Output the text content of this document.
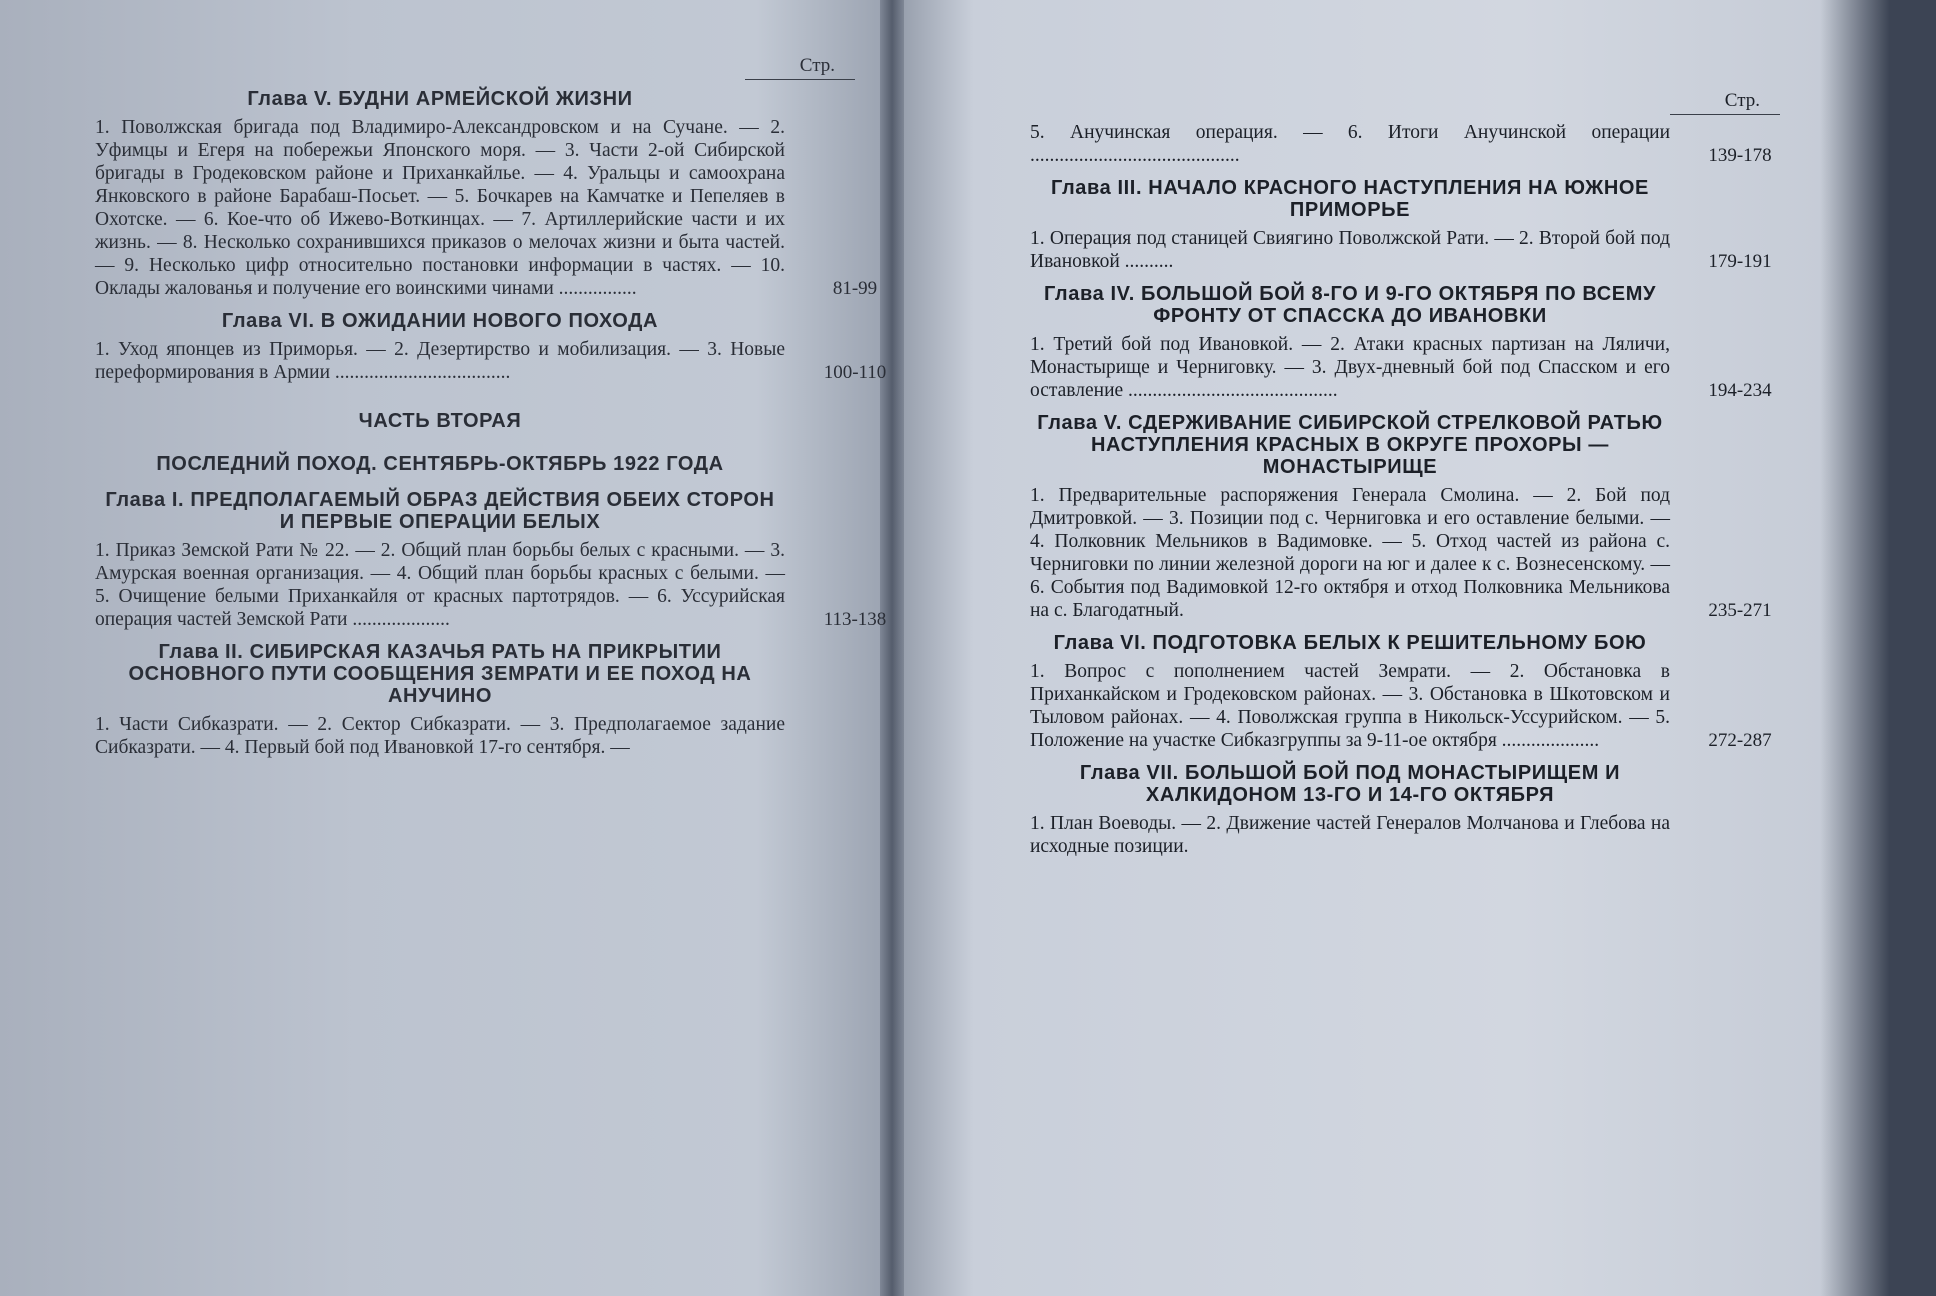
Стр.
Глава V. БУДНИ АРМЕЙСКОЙ ЖИЗНИ
1. Поволжская бригада под Владимиро-Александровском и на Сучане. — 2. Уфимцы и Егеря на побережьи Японского моря. — 3. Части 2-ой Сибирской бригады в Гродековском районе и Приханкайлье. — 4. Уральцы и самоохрана Янковского в районе Барабаш-Посьет. — 5. Бочкарев на Камчатке и Пепеляев в Охотске. — 6. Кое-что об Ижево-Воткинцах. — 7. Артиллерийские части и их жизнь. — 8. Несколько сохранившихся приказов о мелочах жизни и быта частей. — 9. Несколько цифр относительно постановки информации в частях. — 10. Оклады жалованья и получение его воинскими чинами ................	81-99
Глава VI. В ОЖИДАНИИ НОВОГО ПОХОДА
1. Уход японцев из Приморья. — 2. Дезертирство и мобилизация. — 3. Новые переформирования в Армии ....................................	100-110
ЧАСТЬ ВТОРАЯ
ПОСЛЕДНИЙ ПОХОД. СЕНТЯБРЬ-ОКТЯБРЬ 1922 ГОДА
Глава I. ПРЕДПОЛАГАЕМЫЙ ОБРАЗ ДЕЙСТВИЯ ОБЕИХ СТОРОН И ПЕРВЫЕ ОПЕРАЦИИ БЕЛЫХ
1. Приказ Земской Рати № 22. — 2. Общий план борьбы белых с красными. — 3. Амурская военная организация. — 4. Общий план борьбы красных с белыми. — 5. Очищение белыми Приханкайля от красных партотрядов. — 6. Уссурийская операция частей Земской Рати ....................	113-138
Глава II. СИБИРСКАЯ КАЗАЧЬЯ РАТЬ НА ПРИКРЫТИИ ОСНОВНОГО ПУТИ СООБЩЕНИЯ ЗЕМРАТИ И ЕЕ ПОХОД НА АНУЧИНО
1. Части Сибказрати. — 2. Сектор Сибказрати. — 3. Предполагаемое задание Сибказрати. — 4. Первый бой под Ивановкой 17-го сентября. —
Стр.
5. Анучинская операция. — 6. Итоги Анучинской операции ...........................................	139-178
Глава III. НАЧАЛО КРАСНОГО НАСТУПЛЕНИЯ НА ЮЖНОЕ ПРИМОРЬЕ
1. Операция под станицей Свиягино Поволжской Рати. — 2. Второй бой под Ивановкой ..........	179-191
Глава IV. БОЛЬШОЙ БОЙ 8-ГО И 9-ГО ОКТЯБРЯ ПО ВСЕМУ ФРОНТУ ОТ СПАССКА ДО ИВАНОВКИ
1. Третий бой под Ивановкой. — 2. Атаки красных партизан на Ляличи, Монастырище и Черниговку. — 3. Двух-дневный бой под Спасском и его оставление ...........................................	194-234
Глава V. СДЕРЖИВАНИЕ СИБИРСКОЙ СТРЕЛКОВОЙ РАТЬЮ НАСТУПЛЕНИЯ КРАСНЫХ В ОКРУГЕ ПРОХОРЫ — МОНАСТЫРИЩЕ
1. Предварительные распоряжения Генерала Смолина. — 2. Бой под Дмитровкой. — 3. Позиции под с. Черниговка и его оставление белыми. — 4. Полковник Мельников в Вадимовке. — 5. Отход частей из района с. Черниговки по линии железной дороги на юг и далее к с. Вознесенскому. — 6. События под Вадимовкой 12-го октября и отход Полковника Мельникова на с. Благодатный.	235-271
Глава VI. ПОДГОТОВКА БЕЛЫХ К РЕШИТЕЛЬНОМУ БОЮ
1. Вопрос с пополнением частей Земрати. — 2. Обстановка в Приханкайском и Гродековском районах. — 3. Обстановка в Шкотовском и Тыловом районах. — 4. Поволжская группа в Никольск-Уссурийском. — 5. Положение на участке Сибказгруппы за 9-11-ое октября ....................	272-287
Глава VII. БОЛЬШОЙ БОЙ ПОД МОНАСТЫРИЩЕМ И ХАЛКИДОНОМ 13-ГО И 14-ГО ОКТЯБРЯ
1. План Воеводы. — 2. Движение частей Генералов Молчанова и Глебова на исходные позиции.
